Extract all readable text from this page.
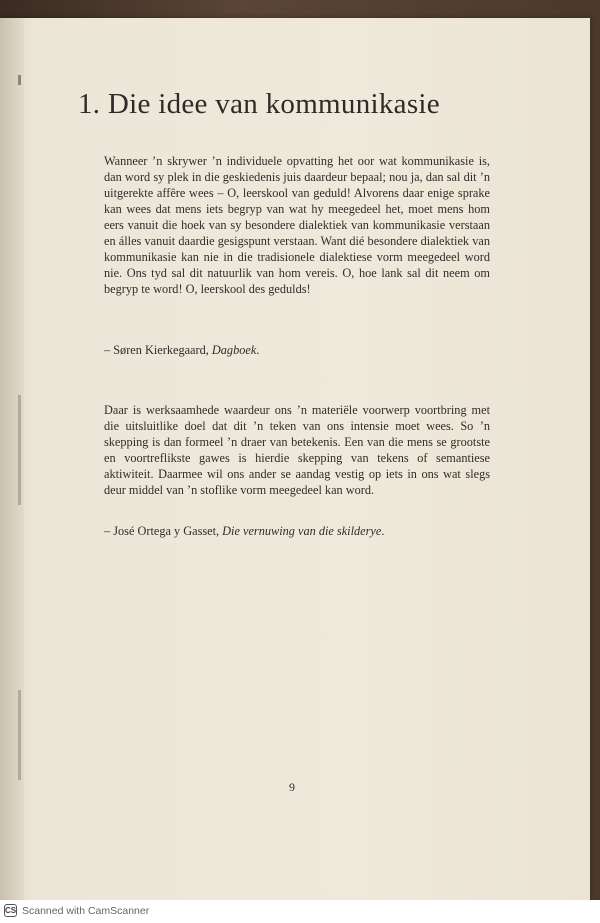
1. Die idee van kommunikasie

Wanneer ’n skrywer ’n individuele opvatting het oor wat kommunikasie is, dan word sy plek in die geskiedenis juis daardeur bepaal; nou ja, dan sal dit ’n uitgerekte affêre wees – O, leerskool van geduld! Alvorens daar enige sprake kan wees dat mens iets begryp van wat hy meegedeel het, moet mens hom eers vanuit die hoek van sy besondere dialektiek van kommunikasie verstaan en álles vanuit daardie gesigspunt verstaan. Want dié besondere dialektiek van kommunikasie kan nie in die tradisionele dialektiese vorm meegedeel word nie. Ons tyd sal dit natuurlik van hom vereis. O, hoe lank sal dit neem om begryp te word! O, leerskool des gedulds!

– Søren Kierkegaard, Dagboek.

Daar is werksaamhede waardeur ons ’n materiële voorwerp voortbring met die uitsluitlike doel dat dit ’n teken van ons intensie moet wees. So ’n skepping is dan formeel ’n draer van betekenis. Een van die mens se grootste en voortreflikste gawes is hierdie skepping van tekens of semantiese aktiwiteit. Daarmee wil ons ander se aandag vestig op iets in ons wat slegs deur middel van ’n stoflike vorm meegedeel kan word.

– José Ortega y Gasset, Die vernuwing van die skilderye.
9
CS Scanned with CamScanner
